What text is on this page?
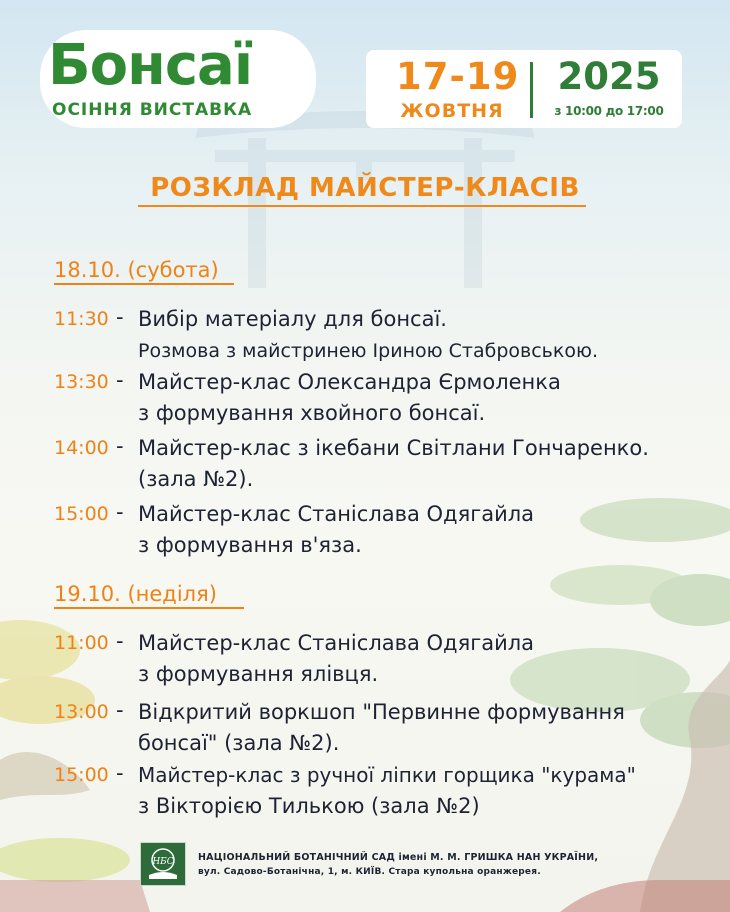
Бонсаї
ОСІННЯ ВИСТАВКА
17-19
ЖОВТНЯ
2025
з 10:00 до 17:00
РОЗКЛАД МАЙСТЕР-КЛАСІВ
18.10. (субота)
11:30 - Вибір матеріалу для бонсаї.
Розмова з майстринею Іриною Стабровською.
13:30 - Майстер-клас Олександра Єрмоленка
з формування хвойного бонсаї.
14:00 - Майстер-клас з ікебани Світлани Гончаренко.
(зала №2).
15:00 - Майстер-клас Станіслава Одягайла
з формування в'яза.
19.10. (неділя)
11:00 - Майстер-клас Станіслава Одягайла
з формування ялівця.
13:00 - Відкритий воркшоп "Первинне формування
бонсаї" (зала №2).
15:00 - Майстер-клас з ручної ліпки горщика "курама"
з Вікторією Тилькою (зала №2)
НБС	НАЦІОНАЛЬНИЙ БОТАНІЧНИЙ САД імені М. М. ГРИШКА НАН УКРАЇНИ,
вул. Садово-Ботанічна, 1, м. КИЇВ. Стара купольна оранжерея.
